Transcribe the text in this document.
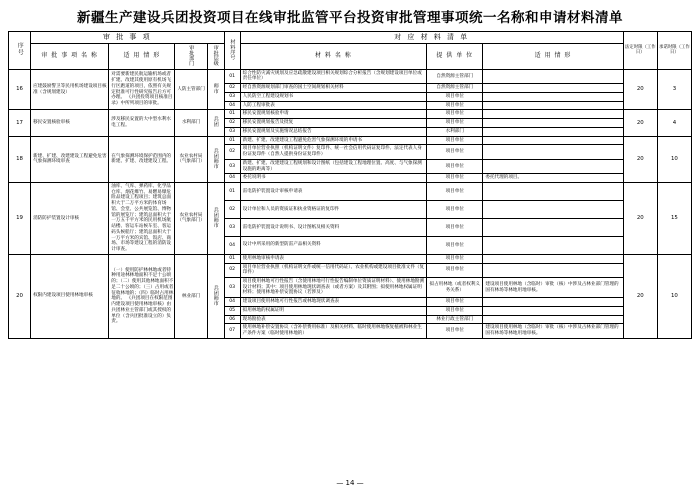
新疆生产建设兵团投资项目在线审批监管平台投资审批管理事项统一名称和申请材料清单
序号	审 批 事 项				材料序号	对 应 材 料 清 单			法定时限（工作日）	承诺时限（工作日）
	审 批 事 项 名 称	适 用 情 形	审批部门	审批层级		材 料 名 称	提 供 单 位	适 用 情 形		
16	应建鼓励警卫等民用机场建设项目核准（含规划建设）	对需要新建民航运输机场或者扩建、改建其使用原有机场飞行区跑道的项目，依照有关规定批准可行性研究报告后方可办理。 《兵团投资项目核准目录》中所列项目的审批。	人防主管部门	师市	01	综合性防灾减灾规划及应急疏散建设项目相关规划综合分析报告（含规划建设项目单位或责任单位）	自然资源主管部门		20	3
					02	经自然资源规划部门审查的国土空间规划相关材料	自然资源主管部门			
					03	人民防空工程建设规划书	项目单位			
					04	人防工程审批表	项目单位			
17	移民安置核验审核	涉及移民安置的大中型水利水电工程。	水利部门	兵团	01	移民安置规划核验申请	项目单位		20	4
					02	移民安置规划报告及批复	项目单位			
					03	移民安置规划及实施情况总结报告	水利部门			
18	新建、扩建、改建建设工程避免危害气象探测环境审查	在气象探测环境保护范围内的新建、扩建、改建建设工程。	农业农村局（气象部门）	兵团师市	01	新建、扩建、改建建设工程避免危害气象探测环境的申请书	项目单位		20	10
					02	项目单位营业执照（机构证明文件）复印件、统一社会信用代码证复印件、法定代表人身份证复印件（自然人提供身份证复印件）	项目单位			
					03	新建、扩建、改建建设工程规划和设计图纸（包括建设工程地理位置、高度、与气象探测设施的距离等）	项目单位			
					04	委托说明书	项目单位	委托代理的项目。		
19	消防防护装置设计审核	油库、气库、弹药库、化学品仓库、烟花爆竹、易燃易爆危险品建设工程项目；建筑总面积大于二万平方米的体育场馆、会堂、公共展览馆、博物馆的展览厅；建筑总面积大于一万五千平方米的民用机场航站楼、客运车站候车室、客运码头候船厅；建筑总面积大于一万平方米的宾馆、饭店、商场、市场等建设工程的消防设计审查。	农业农村局（气象部门）	兵团师市	01	雷电防护装置设计审核申请表	项目单位		20	15
					02	设计单位和人员的资质证和执业资格证的复印件	项目单位			
					03	雷电防护装置设计说明书、设计图纸及相关资料	项目单位			
					04	设计中所采用的新型防雷产品相关资料	项目单位			
20	权限内建设项目使用林地审核	（一）使用防护林林地或者特种用途林林地面积不足十公顷的；（二）使用其他林地面积不足二十公顷的；（三）占用或者征收林地的；（四）临时占用林地的。 《兵团项目在权限范围内建设项目使用林地审核》由兵团林业主管部门或其授权的单位（含兵团批准设立的）负责。	林业部门	兵团师市	01	使用林地审核申请表	项目单位		20	10
					02	项目单位营业执照（机构证明文件或统一信用代码证）、农业机构或建设项目批准文件（复印件）	项目单位			
					03	项目使用林地可行性报告（含使用林地可行性报告编制单位资质证明材料）、使用林地勘测设计材料；其中：项目使用林地现状调查表（或者方案）及其附图；拟使用林地权属证明材料；使用林地补偿安置协议（若涉及）	拟占用林地（或者权利义务关系）	建设项目使用林地（含临时）审批（核）中涉及占林业部门管理的国有林场等林地用地审核。		
					04	建设项目使用林地可行性报告或林地现状调查表	项目单位			
					05	拟用林地的权属证明	项目单位			
					06	现场勘验表	林业行政主管部门			
					07	使用林地补偿安置协议（含补偿费用标准）及相关材料、临时使用林地恢复植被和林业生产条件方案（临时使用林地的）	项目单位	建设项目使用林地（含临时）审批（核）中涉及占林业部门管理的国有林场等林地用地审核。		
— 14 —
